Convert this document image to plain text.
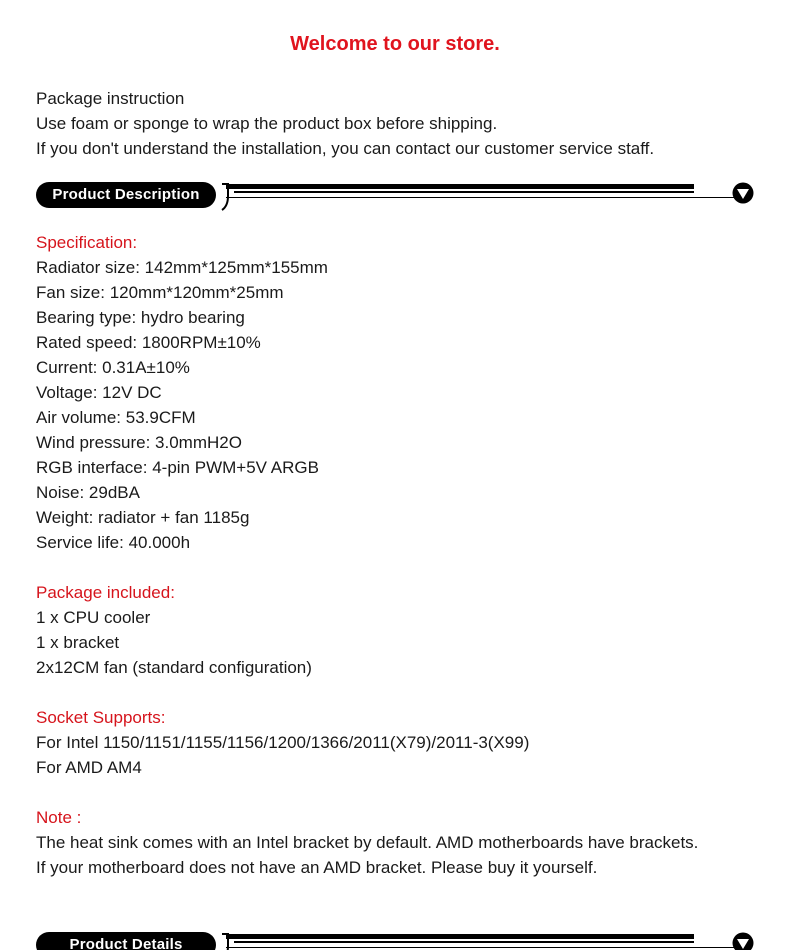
Welcome to our store.
Package instruction
Use foam or sponge to wrap the product box before shipping.
If you don't understand the installation, you can contact our customer service staff.
Product Description
Specification:
Radiator size: 142mm*125mm*155mm
Fan size: 120mm*120mm*25mm
Bearing type: hydro bearing
Rated speed: 1800RPM±10%
Current: 0.31A±10%
Voltage: 12V DC
Air volume: 53.9CFM
Wind pressure: 3.0mmH2O
RGB interface: 4-pin PWM+5V ARGB
Noise: 29dBA
Weight: radiator + fan 1185g
Service life: 40.000h
Package included:
1 x CPU cooler
1 x bracket
2x12CM fan (standard configuration)
Socket Supports:
For Intel 1150/1151/1155/1156/1200/1366/2011(X79)/2011-3(X99)
For AMD AM4
Note :
The heat sink comes with an Intel bracket by default. AMD motherboards have brackets.
If your motherboard does not have an AMD bracket. Please buy it yourself.
Product Details
